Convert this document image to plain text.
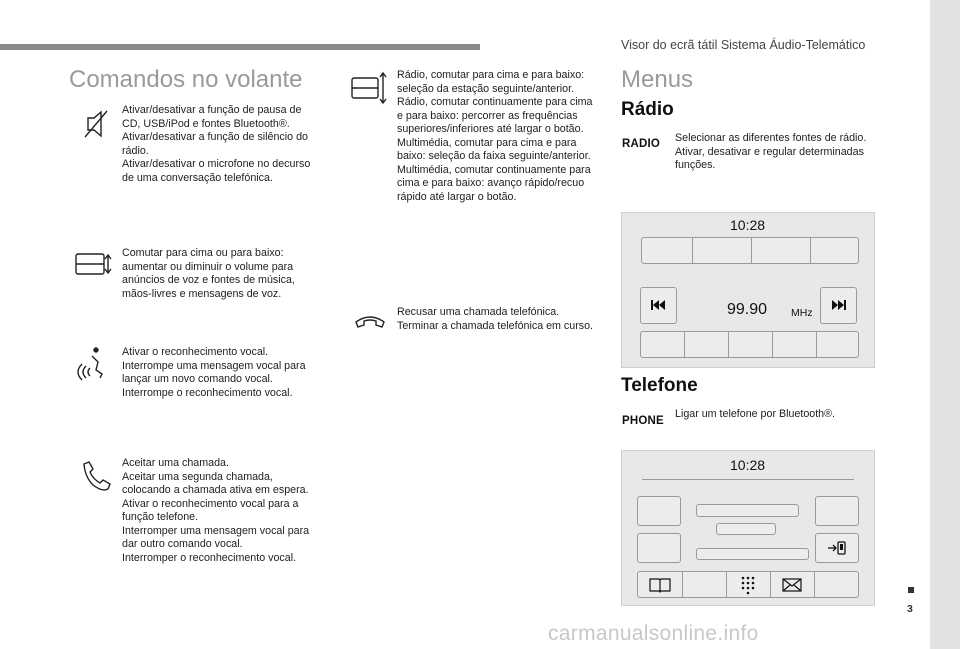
Visor do ecrã tátil Sistema Áudio-Telemático
Comandos no volante
Ativar/desativar a função de pausa de CD, USB/iPod e fontes Bluetooth®.
Ativar/desativar a função de silêncio do rádio.
Ativar/desativar o microfone no decurso de uma conversação telefónica.
Comutar para cima ou para baixo: aumentar ou diminuir o volume para anúncios de voz e fontes de música, mãos-livres e mensagens de voz.
Ativar o reconhecimento vocal.
Interrompe uma mensagem vocal para lançar um novo comando vocal.
Interrompe o reconhecimento vocal.
Aceitar uma chamada.
Aceitar uma segunda chamada, colocando a chamada ativa em espera.
Ativar o reconhecimento vocal para a função telefone.
Interromper uma mensagem vocal para dar outro comando vocal.
Interromper o reconhecimento vocal.
Rádio, comutar para cima e para baixo: seleção da estação seguinte/anterior.
Rádio, comutar continuamente para cima e para baixo: percorrer as frequências superiores/inferiores até largar o botão.
Multimédia, comutar para cima e para baixo: seleção da faixa seguinte/anterior.
Multimédia, comutar continuamente para cima e para baixo: avanço rápido/recuo rápido até largar o botão.
Recusar uma chamada telefónica.
Terminar a chamada telefónica em curso.
Menus
Rádio
RADIO Selecionar as diferentes fontes de rádio.
Ativar, desativar e regular determinadas funções.
10:28
99.90 MHz
Telefone
PHONE
Ligar um telefone por Bluetooth®.
10:28
3
carmanualsonline.info
